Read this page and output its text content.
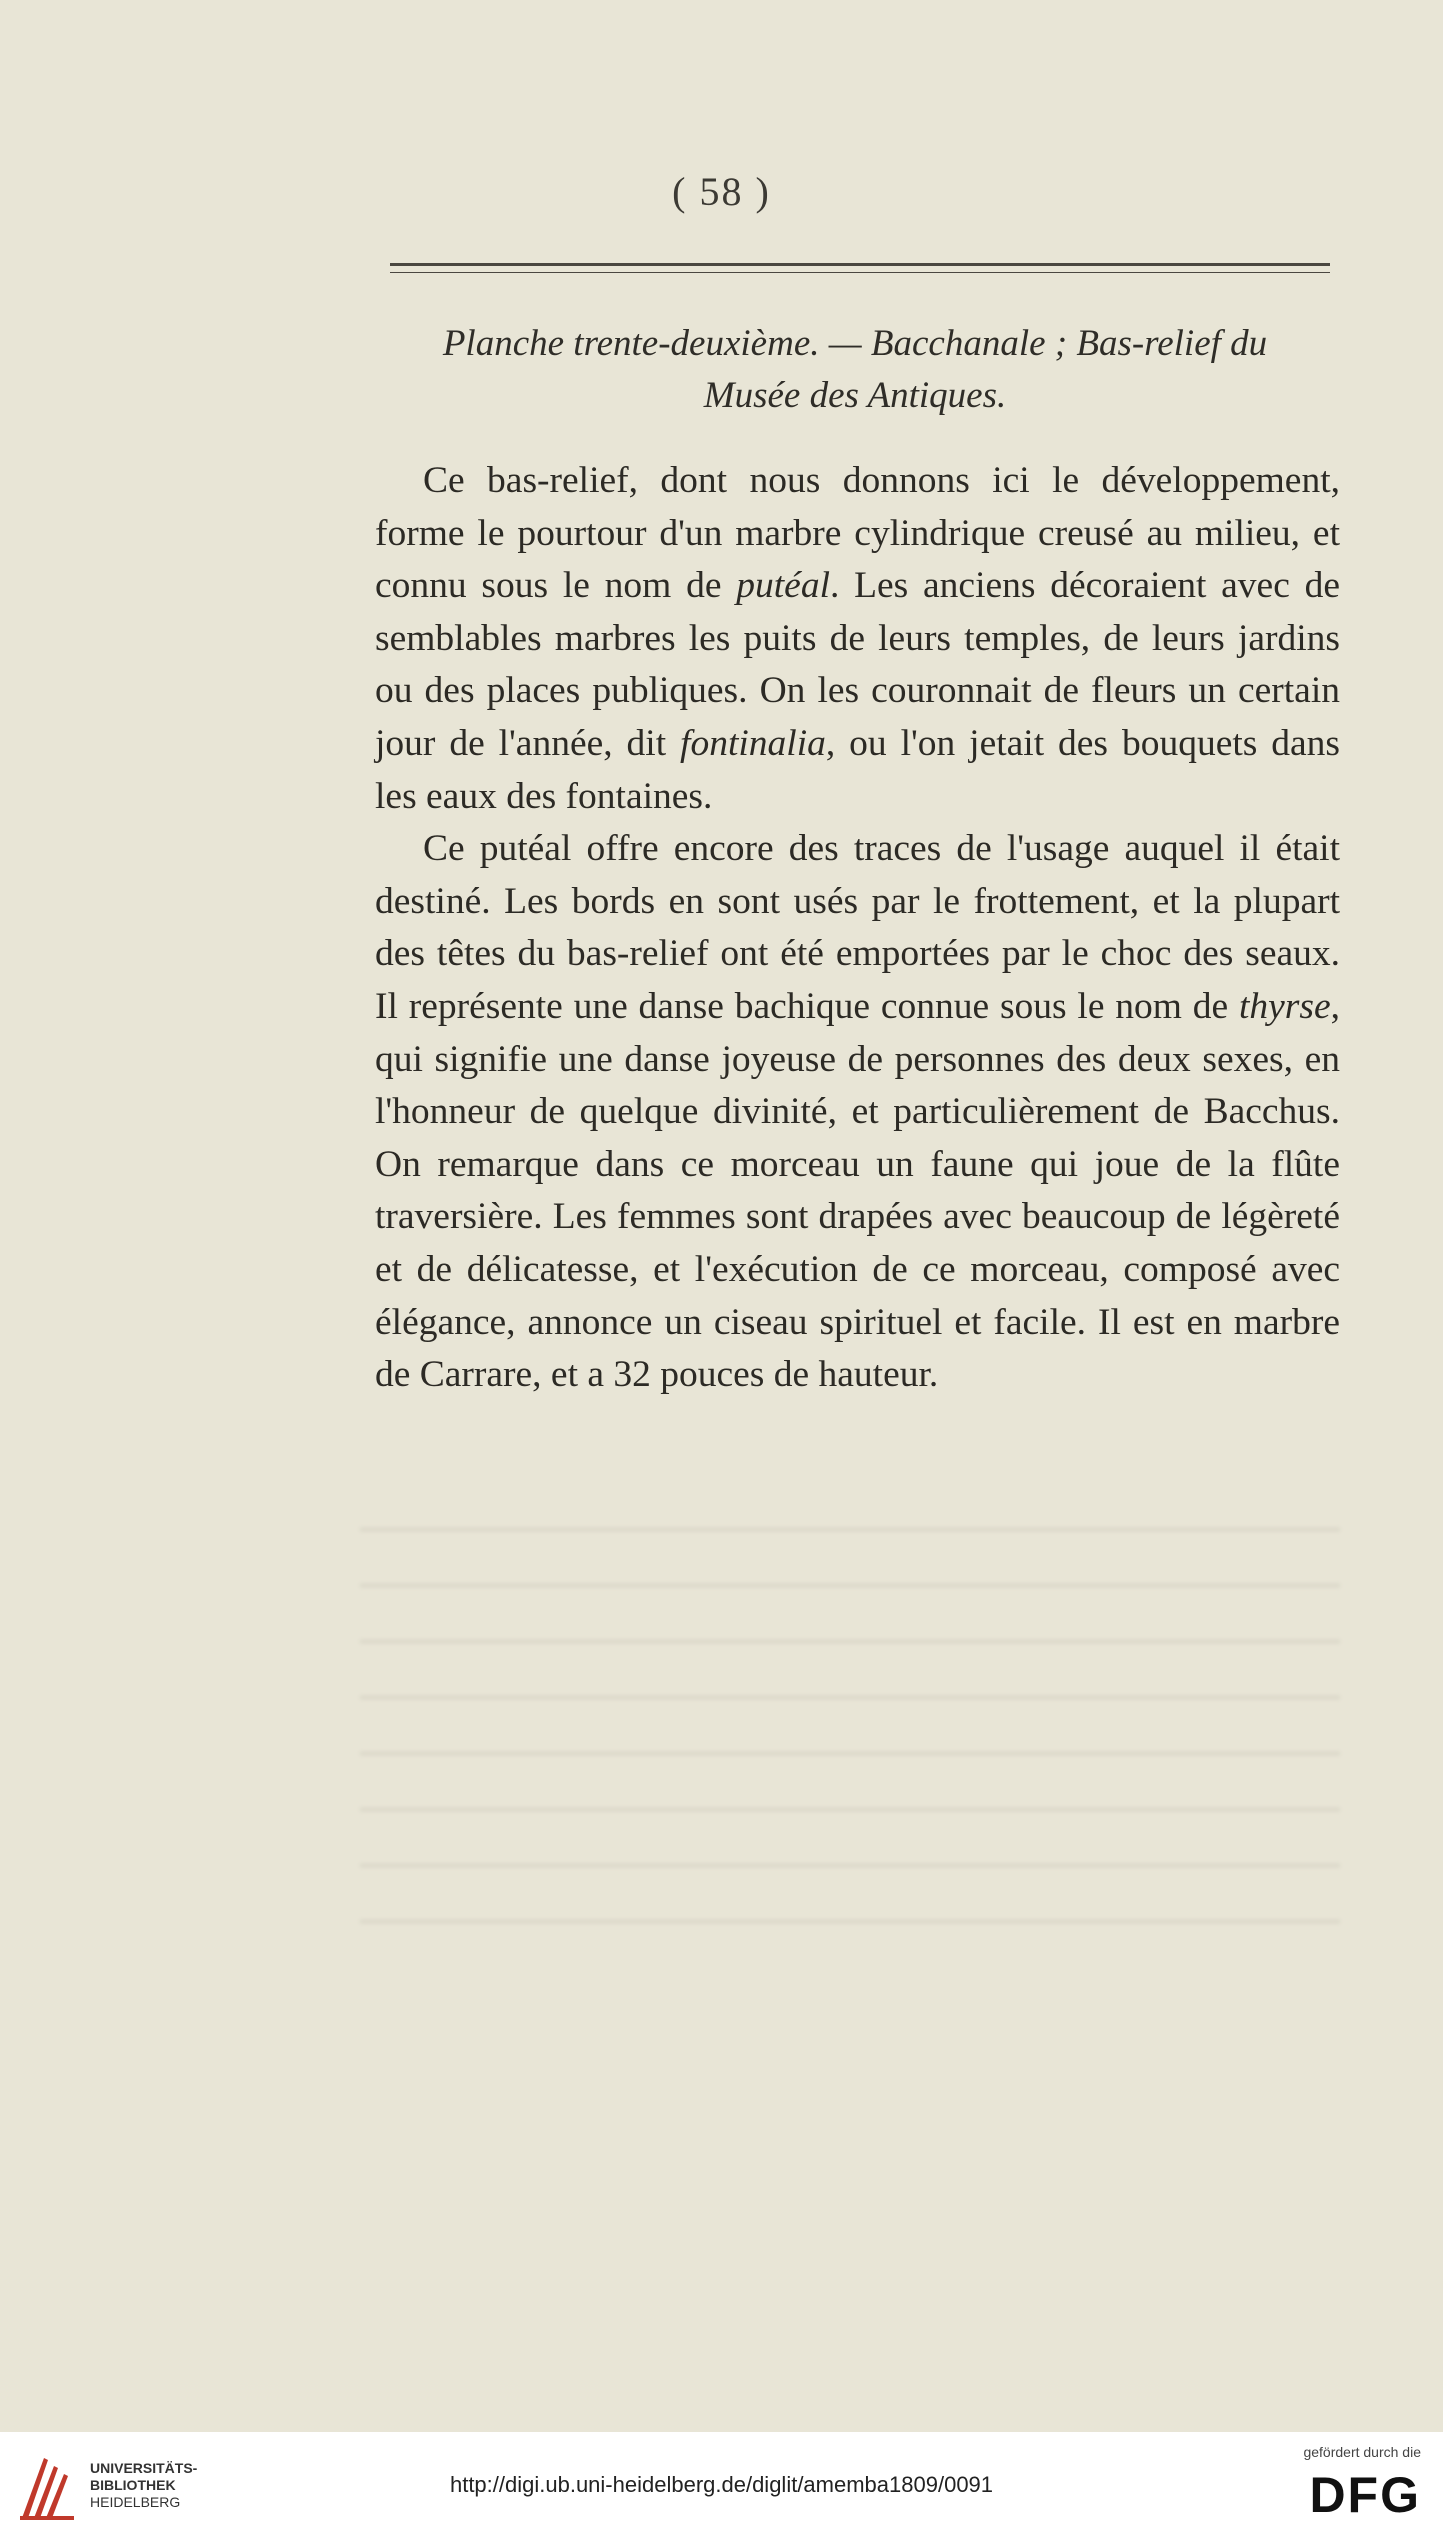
( 58 )
Planche trente-deuxième. — Bacchanale ; Bas-relief du
Musée des Antiques.

Ce bas-relief, dont nous donnons ici le développement, forme le pourtour d'un marbre cylindrique creusé au milieu, et connu sous le nom de putéal. Les anciens décoraient avec de semblables marbres les puits de leurs temples, de leurs jardins ou des places publiques. On les couronnait de fleurs un certain jour de l'année, dit fontinalia, ou l'on jetait des bouquets dans les eaux des fontaines.

Ce putéal offre encore des traces de l'usage auquel il était destiné. Les bords en sont usés par le frottement, et la plupart des têtes du bas-relief ont été emportées par le choc des seaux. Il représente une danse bachique connue sous le nom de thyrse, qui signifie une danse joyeuse de personnes des deux sexes, en l'honneur de quelque divinité, et particulièrement de Bacchus. On remarque dans ce morceau un faune qui joue de la flûte traversière. Les femmes sont drapées avec beaucoup de légèreté et de délicatesse, et l'exécution de ce morceau, composé avec élégance, annonce un ciseau spirituel et facile. Il est en marbre de Carrare, et a 32 pouces de hauteur.

UNIVERSITÄTS-
BIBLIOTHEK
HEIDELBERG
http://digi.ub.uni-heidelberg.de/diglit/amemba1809/0091
gefördert durch die
DFG
